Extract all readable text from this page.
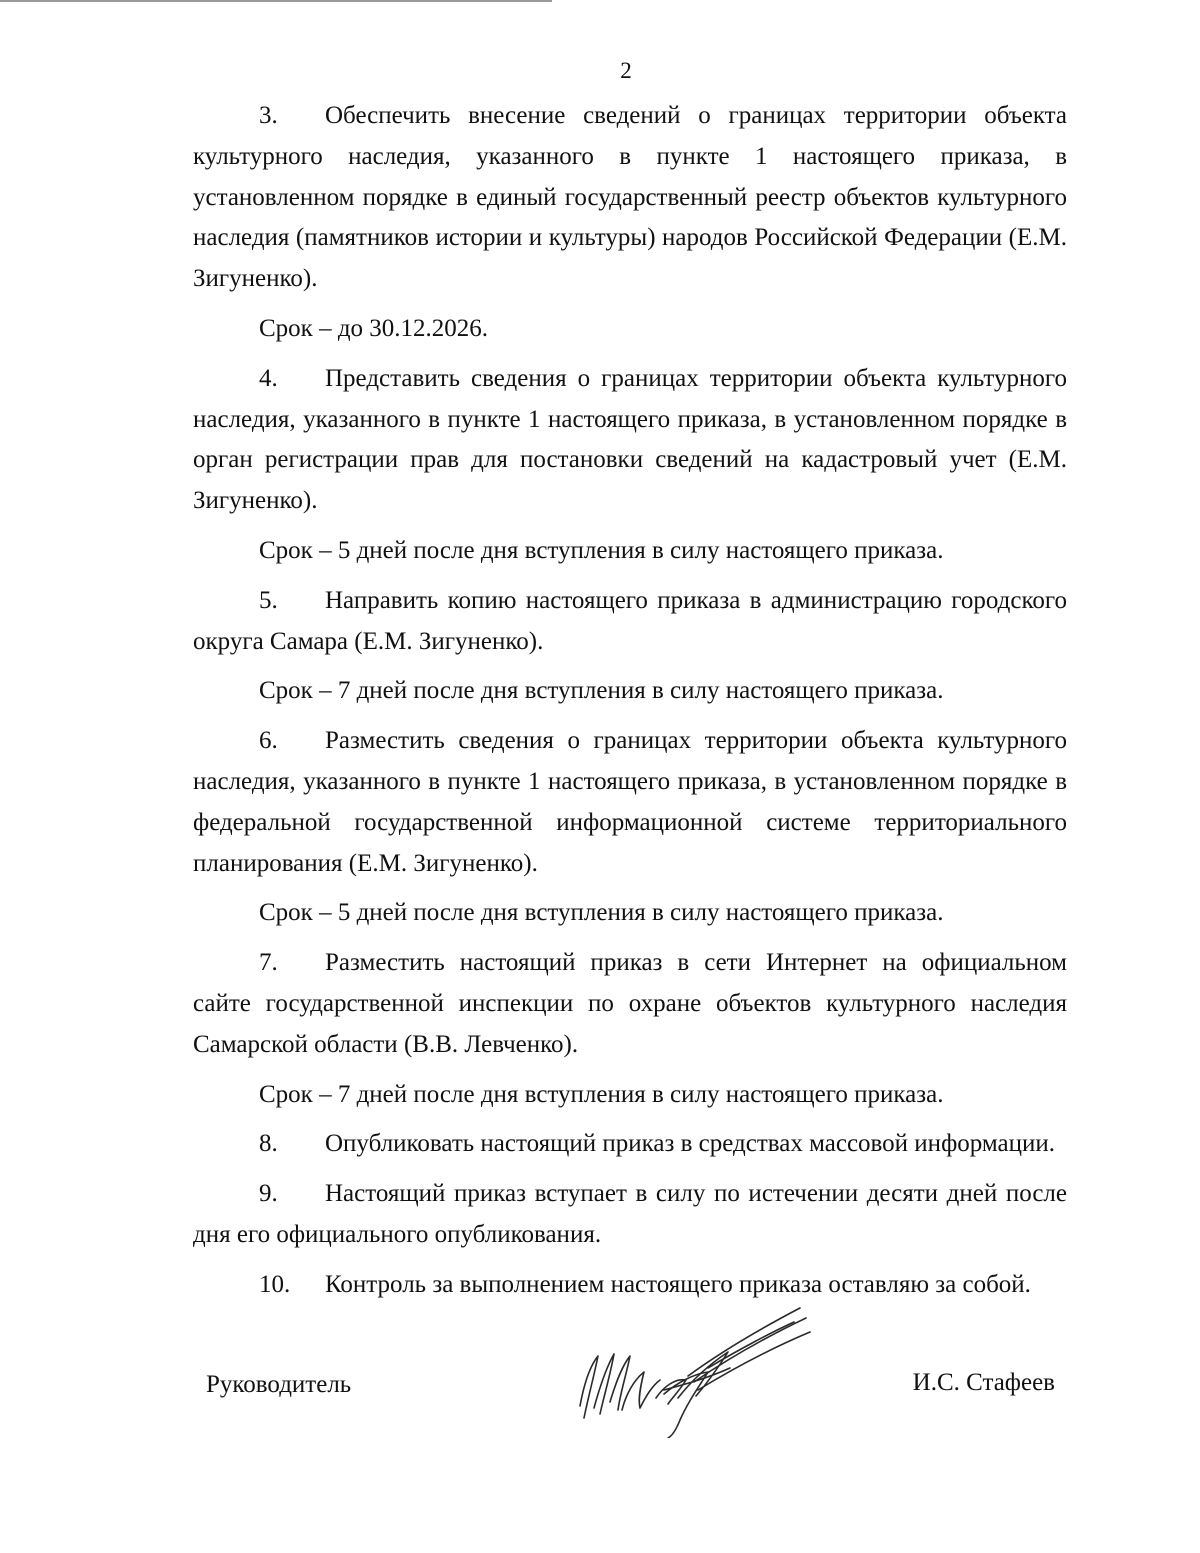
2

3. Обеспечить внесение сведений о границах территории объекта культурного наследия, указанного в пункте 1 настоящего приказа, в установленном порядке в единый государственный реестр объектов культурного наследия (памятников истории и культуры) народов Российской Федерации (Е.М. Зигуненко).

Срок – до 30.12.2026.

4. Представить сведения о границах территории объекта культурного наследия, указанного в пункте 1 настоящего приказа, в установленном порядке в орган регистрации прав для постановки сведений на кадастровый учет (Е.М. Зигуненко).

Срок – 5 дней после дня вступления в силу настоящего приказа.

5. Направить копию настоящего приказа в администрацию городского округа Самара (Е.М. Зигуненко).

Срок – 7 дней после дня вступления в силу настоящего приказа.

6. Разместить сведения о границах территории объекта культурного наследия, указанного в пункте 1 настоящего приказа, в установленном порядке в федеральной государственной информационной системе территориального планирования (Е.М. Зигуненко).

Срок – 5 дней после дня вступления в силу настоящего приказа.

7. Разместить настоящий приказ в сети Интернет на официальном сайте государственной инспекции по охране объектов культурного наследия Самарской области (В.В. Левченко).

Срок – 7 дней после дня вступления в силу настоящего приказа.

8. Опубликовать настоящий приказ в средствах массовой информации.

9. Настоящий приказ вступает в силу по истечении десяти дней после дня его официального опубликования.

10. Контроль за выполнением настоящего приказа оставляю за собой.

Руководитель	И.С. Стафеев
